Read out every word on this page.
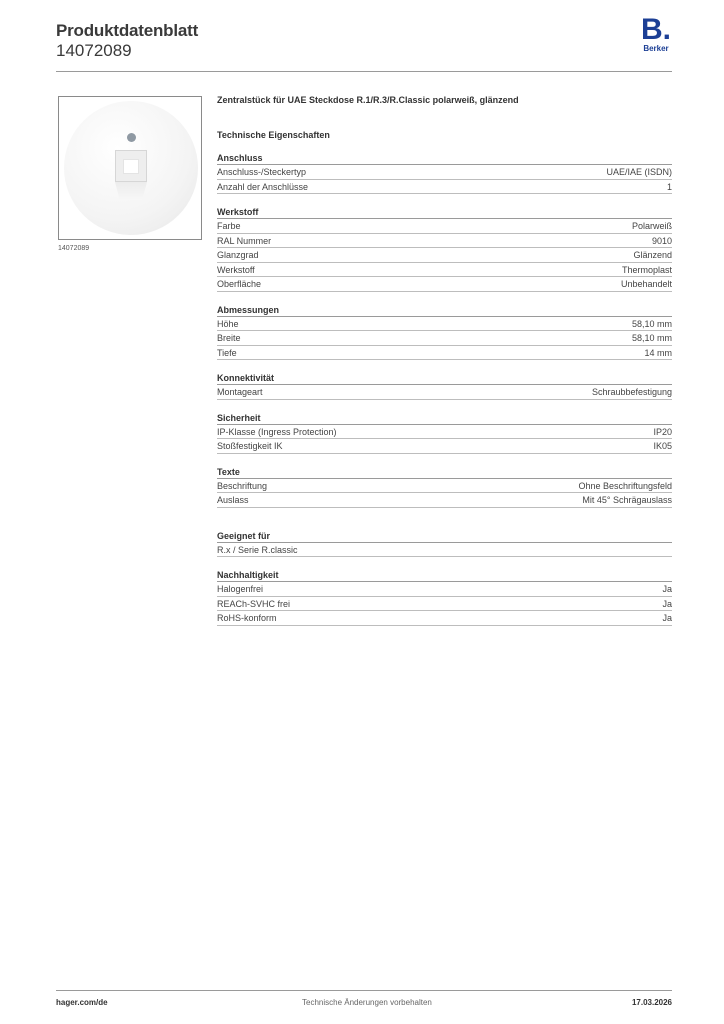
Produktdatenblatt
14072089
B.
Berker
14072089
Zentralstück für UAE Steckdose R.1/R.3/R.Classic polarweiß, glänzend
Technische Eigenschaften
Anschluss
Anschluss-/Steckertyp	UAE/IAE (ISDN)
Anzahl der Anschlüsse	1
Werkstoff
Farbe	Polarweiß
RAL Nummer	9010
Glanzgrad	Glänzend
Werkstoff	Thermoplast
Oberfläche	Unbehandelt
Abmessungen
Höhe	58,10 mm
Breite	58,10 mm
Tiefe	14 mm
Konnektivität
Montageart	Schraubbefestigung
Sicherheit
IP-Klasse (Ingress Protection)	IP20
Stoßfestigkeit IK	IK05
Texte
Beschriftung	Ohne Beschriftungsfeld
Auslass	Mit 45° Schrägauslass
Geeignet für
R.x / Serie R.classic
Nachhaltigkeit
Halogenfrei	Ja
REACh-SVHC frei	Ja
RoHS-konform	Ja
hager.com/de	Technische Änderungen vorbehalten	17.03.2026
